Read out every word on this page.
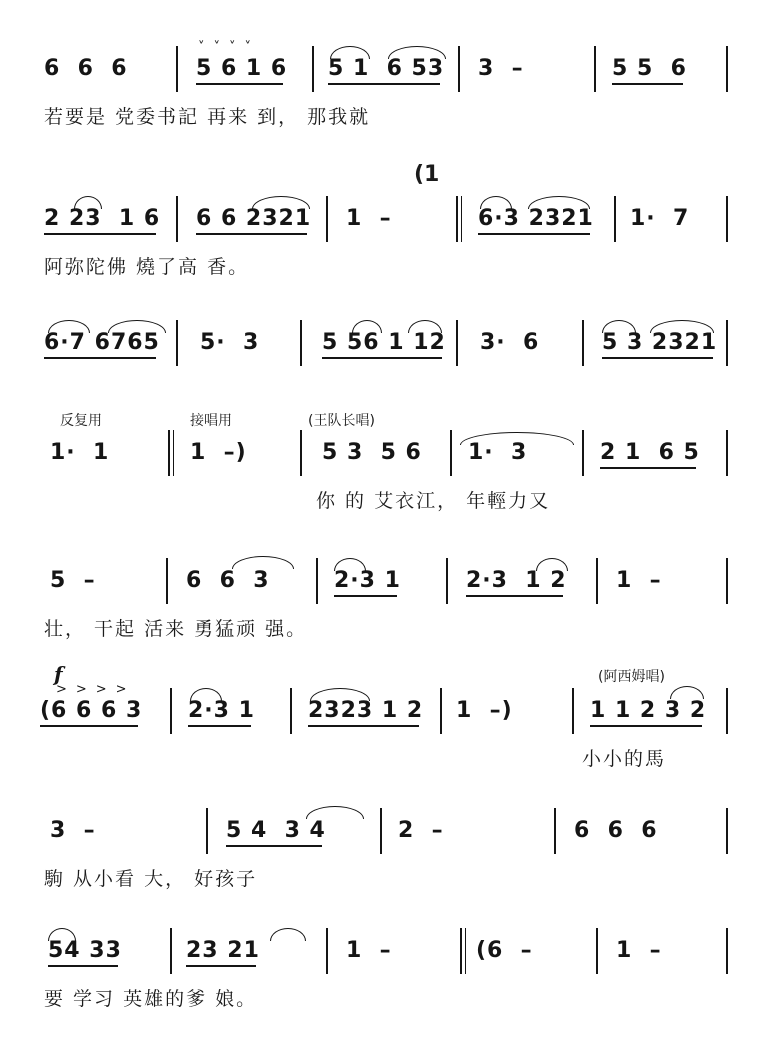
˅˅˅˅
6  6  6	5 6 1 6 5 1  6 53 3  –	5 5  6
若要是 党委书記 再来 到， 那我就
(1
2 23  1 6 6 6 2321 1  –	6·3 2321 1·  7
阿弥陀佛 燒了高 香。
6·7 6765 5·  3	5 56 1 12 3·  6	5 3 2321
反复用	接唱用	(王队长唱)
1·  1	1  –)	5 3  5 6 1·  3	2 1  6 5
你 的 艾衣江， 年輕力又
5  –	6  6  3	2·3 1	2·3  1 2 1  –
壮， 干起 活来 勇猛顽 强。
f	(阿西姆唱)
>>>>
(6 6 6 3 2·3 1 2323 1 2 1  –)	1 1 2 3 2
小小的馬
3  –	5 4  3 4	2  –	6  6  6
駒 从小看 大， 好孩子
54 33	23 21	1  –	(6  –	1  –
要 学习 英雄的爹 娘。
